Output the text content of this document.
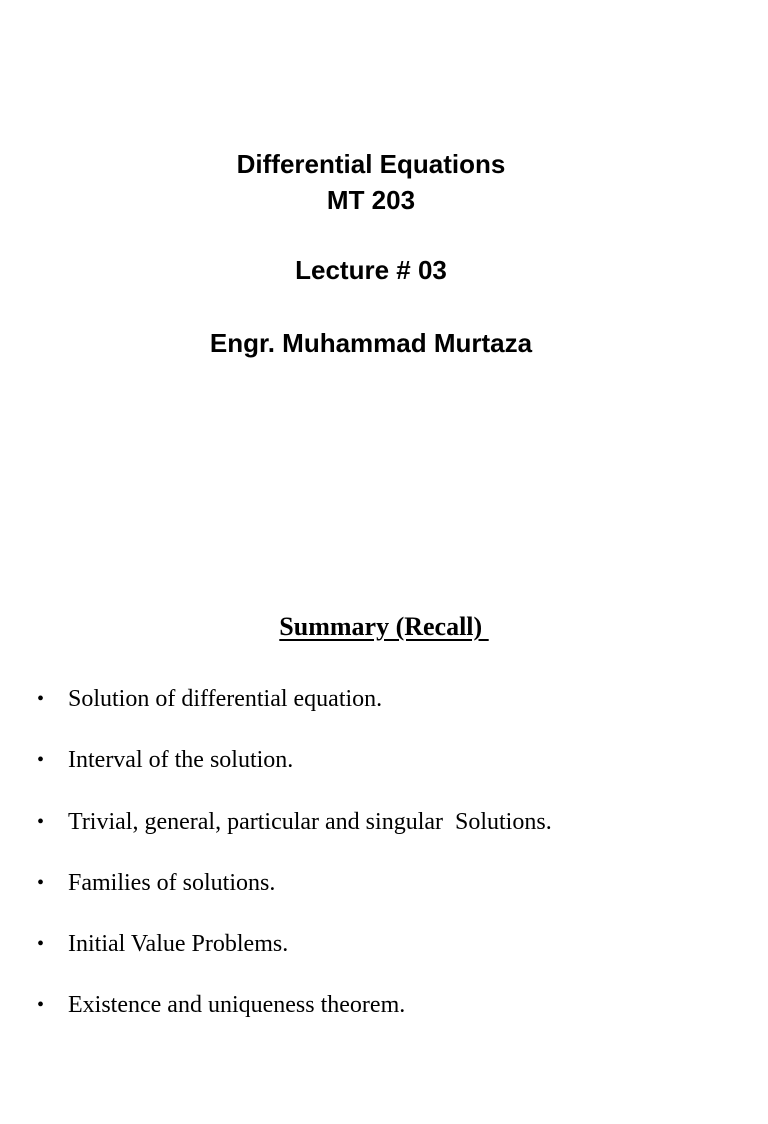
Differential Equations
MT 203
Lecture # 03
Engr. Muhammad Murtaza
Summary (Recall)

•

Solution of differential equation.

•

Interval of the solution.

•

Trivial, general, particular and singular  Solutions.

•

Families of solutions.

•

Initial Value Problems.

•

Existence and uniqueness theorem.
